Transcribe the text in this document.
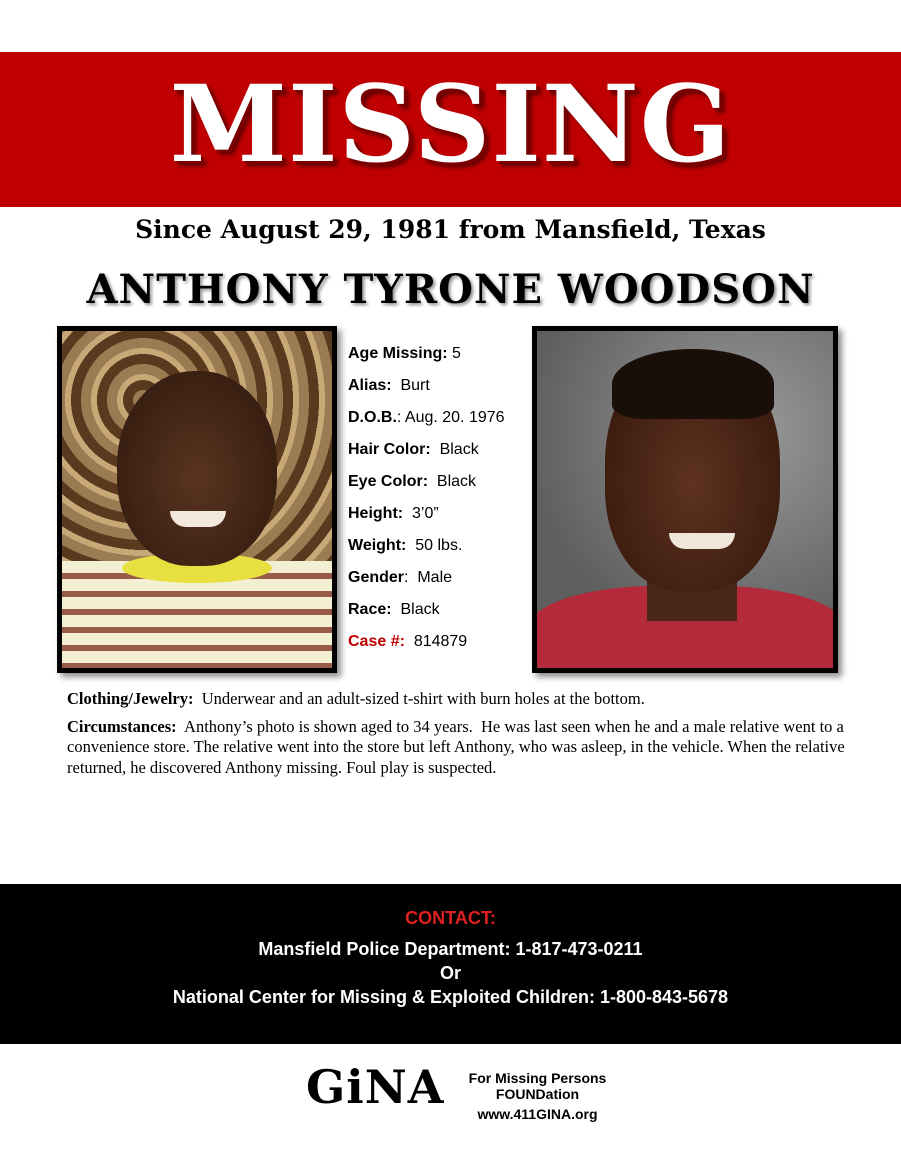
MISSING
Since August 29, 1981 from Mansfield, Texas
ANTHONY TYRONE WOODSON
Age Missing: 5
Alias:  Burt
D.O.B.: Aug. 20. 1976
Hair Color:  Black
Eye Color:  Black
Height:  3’0”
Weight:  50 lbs.
Gender:  Male
Race:  Black
Case #:  814879

Clothing/Jewelry:  Underwear and an adult-sized t-shirt with burn holes at the bottom.

Circumstances:  Anthony’s photo is shown aged to 34 years.  He was last seen when he and a male relative went to a convenience store. The relative went into the store but left Anthony, who was asleep, in the vehicle. When the relative returned, he discovered Anthony missing. Foul play is suspected.

CONTACT:
Mansfield Police Department: 1-817-473-0211
Or
National Center for Missing & Exploited Children: 1-800-843-5678
GiNA	For Missing Persons FOUNDation
www.411GINA.org
